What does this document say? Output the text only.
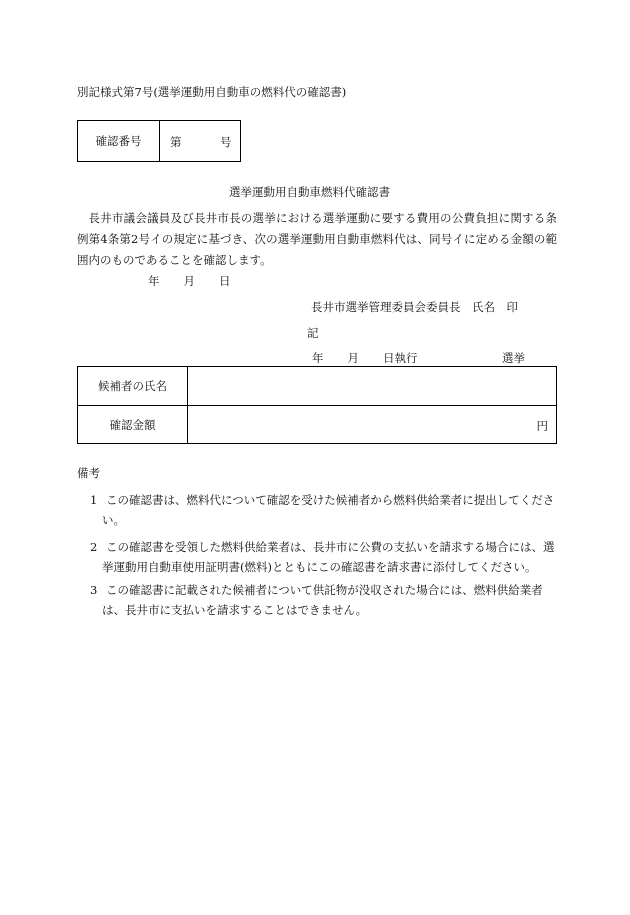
別記様式第7号(選挙運動用自動車の燃料代の確認書)
確認番号	第	号
選挙運動用自動車燃料代確認書

長井市議会議員及び長井市長の選挙における選挙運動に要する費用の公費負担に関する条例第4条第2号イの規定に基づき、次の選挙運動用自動車燃料代は、同号イに定める金額の範囲内のものであることを確認します。

年 月 日
長井市選挙管理委員会委員長　氏名　印
記
年 月 日執行	選挙
候補者の氏名
確認金額	円
備考
1 この確認書は、燃料代について確認を受けた候補者から燃料供給業者に提出してください。
2 この確認書を受領した燃料供給業者は、長井市に公費の支払いを請求する場合には、選挙運動用自動車使用証明書(燃料)とともにこの確認書を請求書に添付してください。
3 この確認書に記載された候補者について供託物が没収された場合には、燃料供給業者は、長井市に支払いを請求することはできません。
